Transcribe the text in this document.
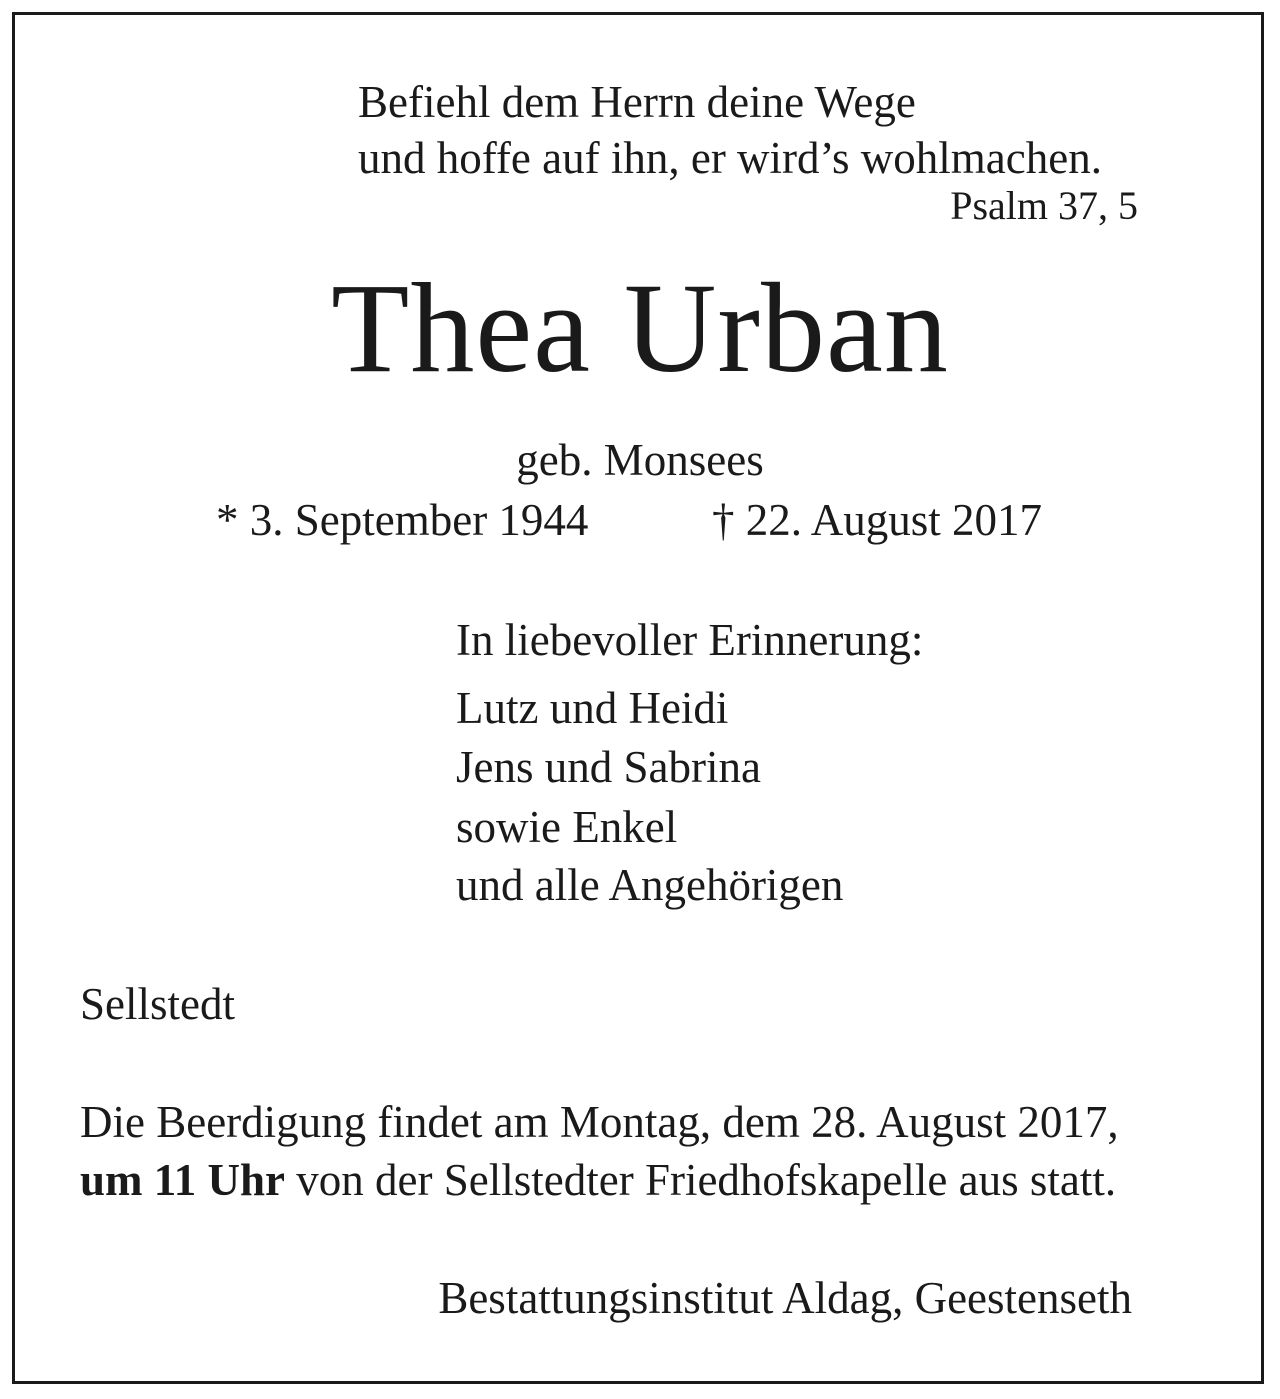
Befiehl dem Herrn deine Wege
und hoffe auf ihn, er wird’s wohlmachen.
Psalm 37, 5
Thea Urban
geb. Monsees
* 3. September 1944	† 22. August 2017
In liebevoller Erinnerung:
Lutz und Heidi
Jens und Sabrina
sowie Enkel
und alle Angehörigen
Sellstedt
Die Beerdigung findet am Montag, dem 28. August 2017,
um 11 Uhr von der Sellstedter Friedhofskapelle aus statt.
Bestattungsinstitut Aldag, Geestenseth
